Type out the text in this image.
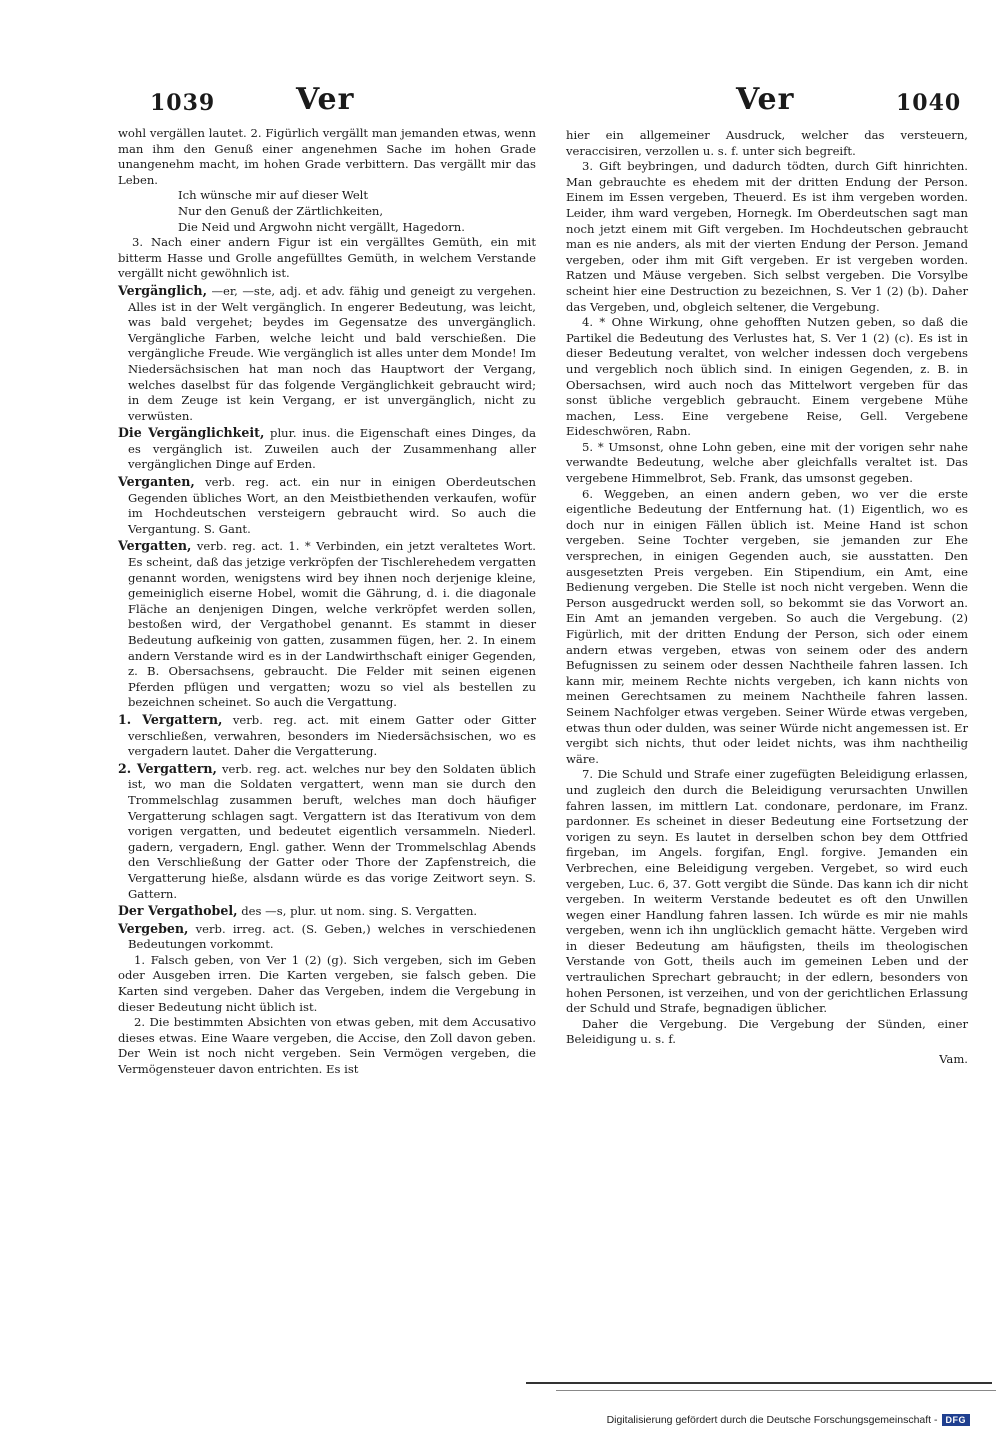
1039	Ver	Ver	1040

wohl vergällen lautet. 2. Figürlich vergällt man jemanden etwas, wenn man ihm den Genuß einer angenehmen Sache im hohen Grade unangenehm macht, im hohen Grade verbittern. Das vergällt mir das Leben.

Ich wünsche mir auf dieser Welt

Nur den Genuß der Zärtlichkeiten,

Die Neid und Argwohn nicht vergällt, Hagedorn.

3. Nach einer andern Figur ist ein vergälltes Gemüth, ein mit bitterm Hasse und Grolle angefülltes Gemüth, in welchem Verstande vergällt nicht gewöhnlich ist.

Vergänglich, —er, —ste, adj. et adv. fähig und geneigt zu vergehen. Alles ist in der Welt vergänglich. In engerer Bedeutung, was leicht, was bald vergehet; beydes im Gegensatze des unvergänglich. Vergängliche Farben, welche leicht und bald verschießen. Die vergängliche Freude. Wie vergänglich ist alles unter dem Monde! Im Niedersächsischen hat man noch das Hauptwort der Vergang, welches daselbst für das folgende Vergänglichkeit gebraucht wird; in dem Zeuge ist kein Vergang, er ist unvergänglich, nicht zu verwüsten.

Die Vergänglichkeit, plur. inus. die Eigenschaft eines Dinges, da es vergänglich ist. Zuweilen auch der Zusammenhang aller vergänglichen Dinge auf Erden.

Verganten, verb. reg. act. ein nur in einigen Oberdeutschen Gegenden übliches Wort, an den Meistbiethenden verkaufen, wofür im Hochdeutschen versteigern gebraucht wird. So auch die Vergantung. S. Gant.

Vergatten, verb. reg. act. 1. * Verbinden, ein jetzt veraltetes Wort. Es scheint, daß das jetzige verkröpfen der Tischlerehedem vergatten genannt worden, wenigstens wird bey ihnen noch derjenige kleine, gemeiniglich eiserne Hobel, womit die Gährung, d. i. die diagonale Fläche an denjenigen Dingen, welche verkröpfet werden sollen, bestoßen wird, der Vergathobel genannt. Es stammt in dieser Bedeutung aufkeinig von gatten, zusammen fügen, her. 2. In einem andern Verstande wird es in der Landwirthschaft einiger Gegenden, z. B. Obersachsens, gebraucht. Die Felder mit seinen eigenen Pferden pflügen und vergatten; wozu so viel als bestellen zu bezeichnen scheinet. So auch die Vergattung.

1. Vergattern, verb. reg. act. mit einem Gatter oder Gitter verschließen, verwahren, besonders im Niedersächsischen, wo es vergadern lautet. Daher die Vergatterung.

2. Vergattern, verb. reg. act. welches nur bey den Soldaten üblich ist, wo man die Soldaten vergattert, wenn man sie durch den Trommelschlag zusammen beruft, welches man doch häufiger Vergatterung schlagen sagt. Vergattern ist das Iterativum von dem vorigen vergatten, und bedeutet eigentlich versammeln. Niederl. gadern, vergadern, Engl. gather. Wenn der Trommelschlag Abends den Verschließung der Gatter oder Thore der Zapfenstreich, die Vergatterung hieße, alsdann würde es das vorige Zeitwort seyn. S. Gattern.

Der Vergathobel, des —s, plur. ut nom. sing. S. Vergatten.

Vergeben, verb. irreg. act. (S. Geben,) welches in verschiedenen Bedeutungen vorkommt.

1. Falsch geben, von Ver 1 (2) (g). Sich vergeben, sich im Geben oder Ausgeben irren. Die Karten vergeben, sie falsch geben. Die Karten sind vergeben. Daher das Vergeben, indem die Vergebung in dieser Bedeutung nicht üblich ist.

2. Die bestimmten Absichten von etwas geben, mit dem Accusativo dieses etwas. Eine Waare vergeben, die Accise, den Zoll davon geben. Der Wein ist noch nicht vergeben. Sein Vermögen vergeben, die Vermögensteuer davon entrichten. Es ist

hier ein allgemeiner Ausdruck, welcher das versteuern, veraccisiren, verzollen u. s. f. unter sich begreift.

3. Gift beybringen, und dadurch tödten, durch Gift hinrichten. Man gebrauchte es ehedem mit der dritten Endung der Person. Einem im Essen vergeben, Theuerd. Es ist ihm vergeben worden. Leider, ihm ward vergeben, Hornegk. Im Oberdeutschen sagt man noch jetzt einem mit Gift vergeben. Im Hochdeutschen gebraucht man es nie anders, als mit der vierten Endung der Person. Jemand vergeben, oder ihm mit Gift vergeben. Er ist vergeben worden. Ratzen und Mäuse vergeben. Sich selbst vergeben. Die Vorsylbe scheint hier eine Destruction zu bezeichnen, S. Ver 1 (2) (b). Daher das Vergeben, und, obgleich seltener, die Vergebung.

4. * Ohne Wirkung, ohne gehofften Nutzen geben, so daß die Partikel die Bedeutung des Verlustes hat, S. Ver 1 (2) (c). Es ist in dieser Bedeutung veraltet, von welcher indessen doch vergebens und vergeblich noch üblich sind. In einigen Gegenden, z. B. in Obersachsen, wird auch noch das Mittelwort vergeben für das sonst übliche vergeblich gebraucht. Einem vergebene Mühe machen, Less. Eine vergebene Reise, Gell. Vergebene Eideschwören, Rabn.

5. * Umsonst, ohne Lohn geben, eine mit der vorigen sehr nahe verwandte Bedeutung, welche aber gleichfalls veraltet ist. Das vergebene Himmelbrot, Seb. Frank, das umsonst gegeben.

6. Weggeben, an einen andern geben, wo ver die erste eigentliche Bedeutung der Entfernung hat. (1) Eigentlich, wo es doch nur in einigen Fällen üblich ist. Meine Hand ist schon vergeben. Seine Tochter vergeben, sie jemanden zur Ehe versprechen, in einigen Gegenden auch, sie ausstatten. Den ausgesetzten Preis vergeben. Ein Stipendium, ein Amt, eine Bedienung vergeben. Die Stelle ist noch nicht vergeben. Wenn die Person ausgedruckt werden soll, so bekommt sie das Vorwort an. Ein Amt an jemanden vergeben. So auch die Vergebung. (2) Figürlich, mit der dritten Endung der Person, sich oder einem andern etwas vergeben, etwas von seinem oder des andern Befugnissen zu seinem oder dessen Nachtheile fahren lassen. Ich kann mir, meinem Rechte nichts vergeben, ich kann nichts von meinen Gerechtsamen zu meinem Nachtheile fahren lassen. Seinem Nachfolger etwas vergeben. Seiner Würde etwas vergeben, etwas thun oder dulden, was seiner Würde nicht angemessen ist. Er vergibt sich nichts, thut oder leidet nichts, was ihm nachtheilig wäre.

7. Die Schuld und Strafe einer zugefügten Beleidigung erlassen, und zugleich den durch die Beleidigung verursachten Unwillen fahren lassen, im mittlern Lat. condonare, perdonare, im Franz. pardonner. Es scheinet in dieser Bedeutung eine Fortsetzung der vorigen zu seyn. Es lautet in derselben schon bey dem Ottfried firgeban, im Angels. forgifan, Engl. forgive. Jemanden ein Verbrechen, eine Beleidigung vergeben. Vergebet, so wird euch vergeben, Luc. 6, 37. Gott vergibt die Sünde. Das kann ich dir nicht vergeben. In weiterm Verstande bedeutet es oft den Unwillen wegen einer Handlung fahren lassen. Ich würde es mir nie mahls vergeben, wenn ich ihn unglücklich gemacht hätte. Vergeben wird in dieser Bedeutung am häufigsten, theils im theologischen Verstande von Gott, theils auch im gemeinen Leben und der vertraulichen Sprechart gebraucht; in der edlern, besonders von hohen Personen, ist verzeihen, und von der gerichtlichen Erlassung der Schuld und Strafe, begnadigen üblicher.

Daher die Vergebung. Die Vergebung der Sünden, einer Beleidigung u. s. f.

Vam.

Digitalisierung gefördert durch die Deutsche Forschungsgemeinschaft - DFG
